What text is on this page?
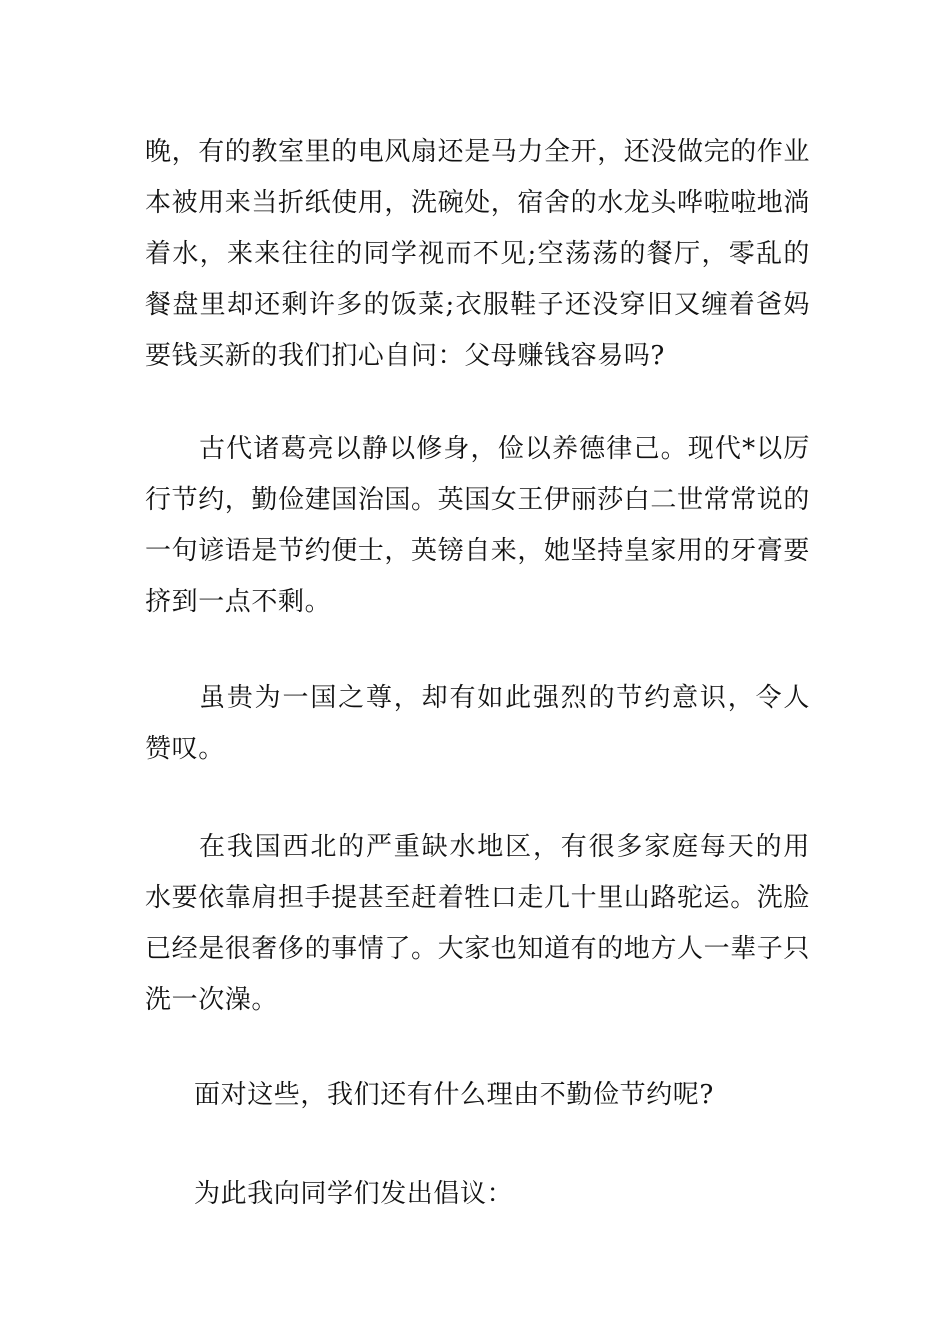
晚，有的教室里的电风扇还是马力全开，还没做完的作业本被用来当折纸使用，洗碗处，宿舍的水龙头哗啦啦地淌着水，来来往往的同学视而不见;空荡荡的餐厅，零乱的餐盘里却还剩许多的饭菜;衣服鞋子还没穿旧又缠着爸妈要钱买新的我们扪心自问：父母赚钱容易吗?

古代诸葛亮以静以修身，俭以养德律己。现代*以厉行节约，勤俭建国治国。英国女王伊丽莎白二世常常说的一句谚语是节约便士，英镑自来，她坚持皇家用的牙膏要挤到一点不剩。

虽贵为一国之尊，却有如此强烈的节约意识，令人赞叹。

在我国西北的严重缺水地区，有很多家庭每天的用水要依靠肩担手提甚至赶着牲口走几十里山路驼运。洗脸已经是很奢侈的事情了。大家也知道有的地方人一辈子只洗一次澡。

面对这些，我们还有什么理由不勤俭节约呢?

为此我向同学们发出倡议：
